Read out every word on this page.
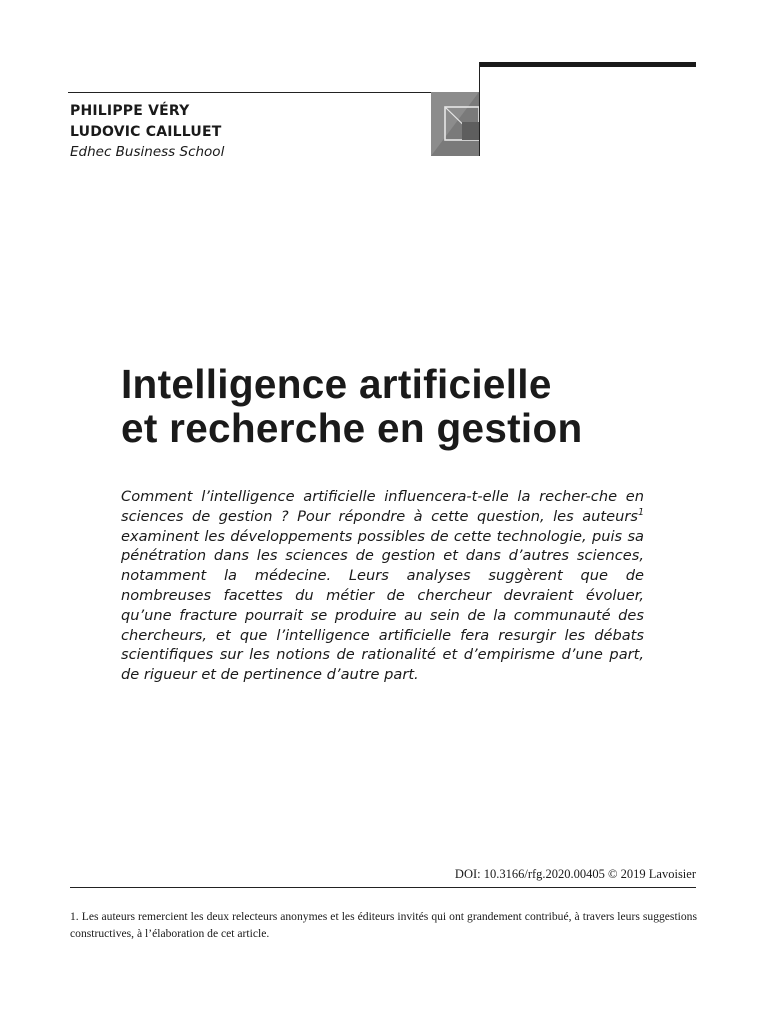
PHILIPPE VÉRY
LUDOVIC CAILLUET
Edhec Business School
Intelligence artificielle
et recherche en gestion
Comment l’intelligence artificielle influencera-t-elle la recher-che en sciences de gestion ? Pour répondre à cette question, les auteurs$^1$ examinent les développements possibles de cette technologie, puis sa pénétration dans les sciences de gestion et dans d’autres sciences, notamment la médecine. Leurs analyses suggèrent que de nombreuses facettes du métier de chercheur devraient évoluer, qu’une fracture pourrait se produire au sein de la communauté des chercheurs, et que l’intelligence artificielle fera resurgir les débats scientifiques sur les notions de rationalité et d’empirisme d’une part, de rigueur et de pertinence d’autre part.
DOI: 10.3166/rfg.2020.00405 © 2019 Lavoisier
1. Les auteurs remercient les deux relecteurs anonymes et les éditeurs invités qui ont grandement contribué, à travers leurs suggestions constructives, à l’élaboration de cet article.
